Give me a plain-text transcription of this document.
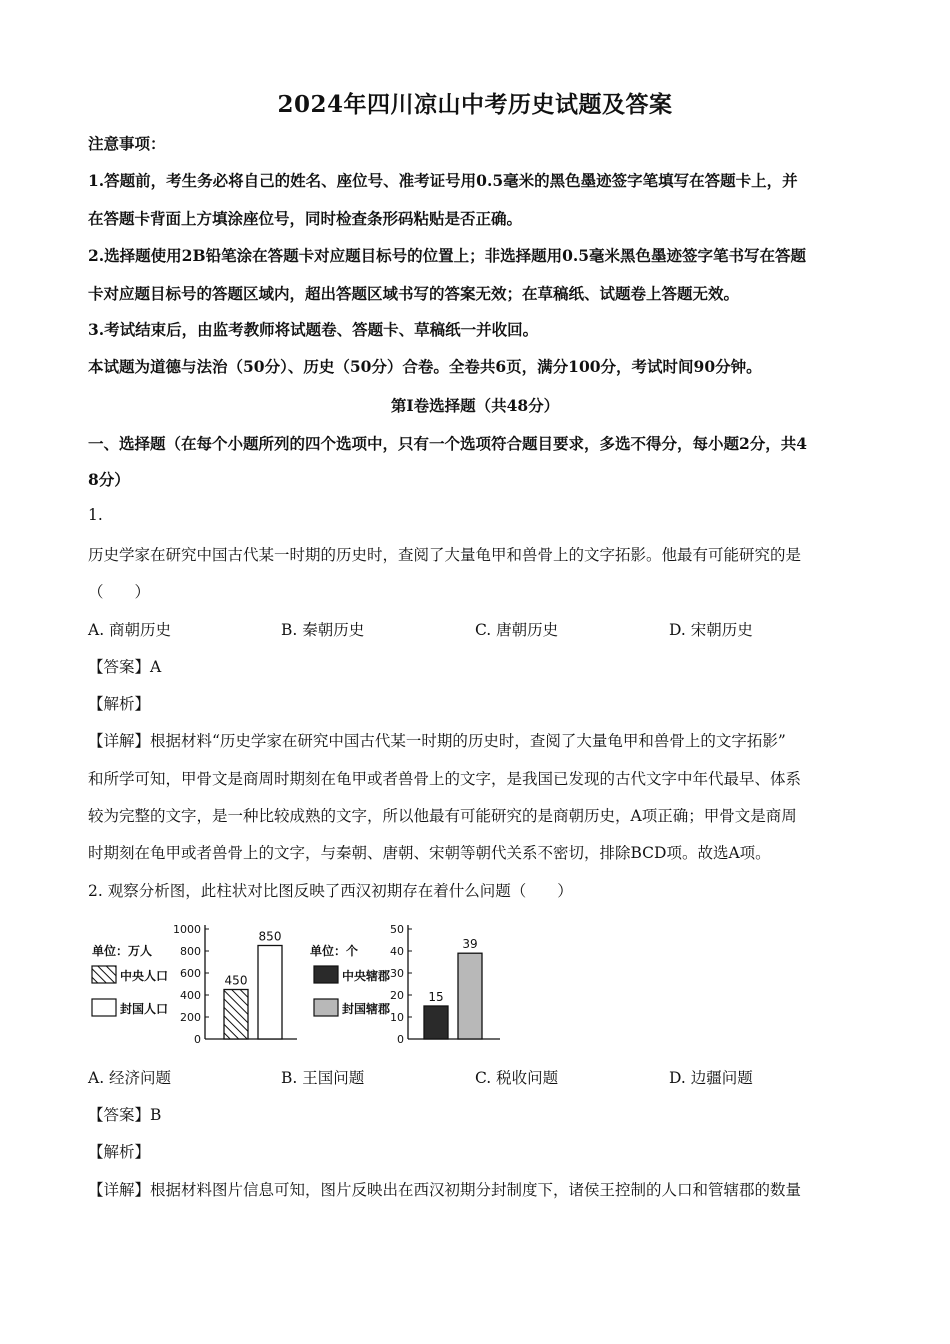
2024年四川凉山中考历史试题及答案
注意事项：
1.答题前，考生务必将自己的姓名、座位号、准考证号用0.5毫米的黑色墨迹签字笔填写在答题卡上，并
在答题卡背面上方填涂座位号，同时检查条形码粘贴是否正确。
2.选择题使用2B铅笔涂在答题卡对应题目标号的位置上；非选择题用0.5毫米黑色墨迹签字笔书写在答题
卡对应题目标号的答题区域内，超出答题区域书写的答案无效；在草稿纸、试题卷上答题无效。
3.考试结束后，由监考教师将试题卷、答题卡、草稿纸一并收回。
本试题为道德与法治（50分）、历史（50分）合卷。全卷共6页，满分100分，考试时间90分钟。
第Ⅰ卷选择题（共48分）
一、选择题（在每个小题所列的四个选项中，只有一个选项符合题目要求，多选不得分，每小题2分，共4
8分）
1.
历史学家在研究中国古代某一时期的历史时，查阅了大量龟甲和兽骨上的文字拓影。他最有可能研究的是
（　　）
A. 商朝历史	B. 秦朝历史	C. 唐朝历史	D. 宋朝历史
【答案】A
【解析】
【详解】根据材料“历史学家在研究中国古代某一时期的历史时，查阅了大量龟甲和兽骨上的文字拓影”
和所学可知，甲骨文是商周时期刻在龟甲或者兽骨上的文字，是我国已发现的古代文字中年代最早、体系
较为完整的文字，是一种比较成熟的文字，所以他最有可能研究的是商朝历史，A项正确；甲骨文是商周
时期刻在龟甲或者兽骨上的文字，与秦朝、唐朝、宋朝等朝代关系不密切，排除BCD项。故选A项。
2. 观察分析图，此柱状对比图反映了西汉初期存在着什么问题（　　）
1000
800
600
400
200
0
单位：万人
中央人口
封国人口
450
850	50
40
30
20
10
0
单位：个
中央辖郡
封国辖郡
15
39
A. 经济问题	B. 王国问题	C. 税收问题	D. 边疆问题
【答案】B
【解析】
【详解】根据材料图片信息可知，图片反映出在西汉初期分封制度下，诸侯王控制的人口和管辖郡的数量
